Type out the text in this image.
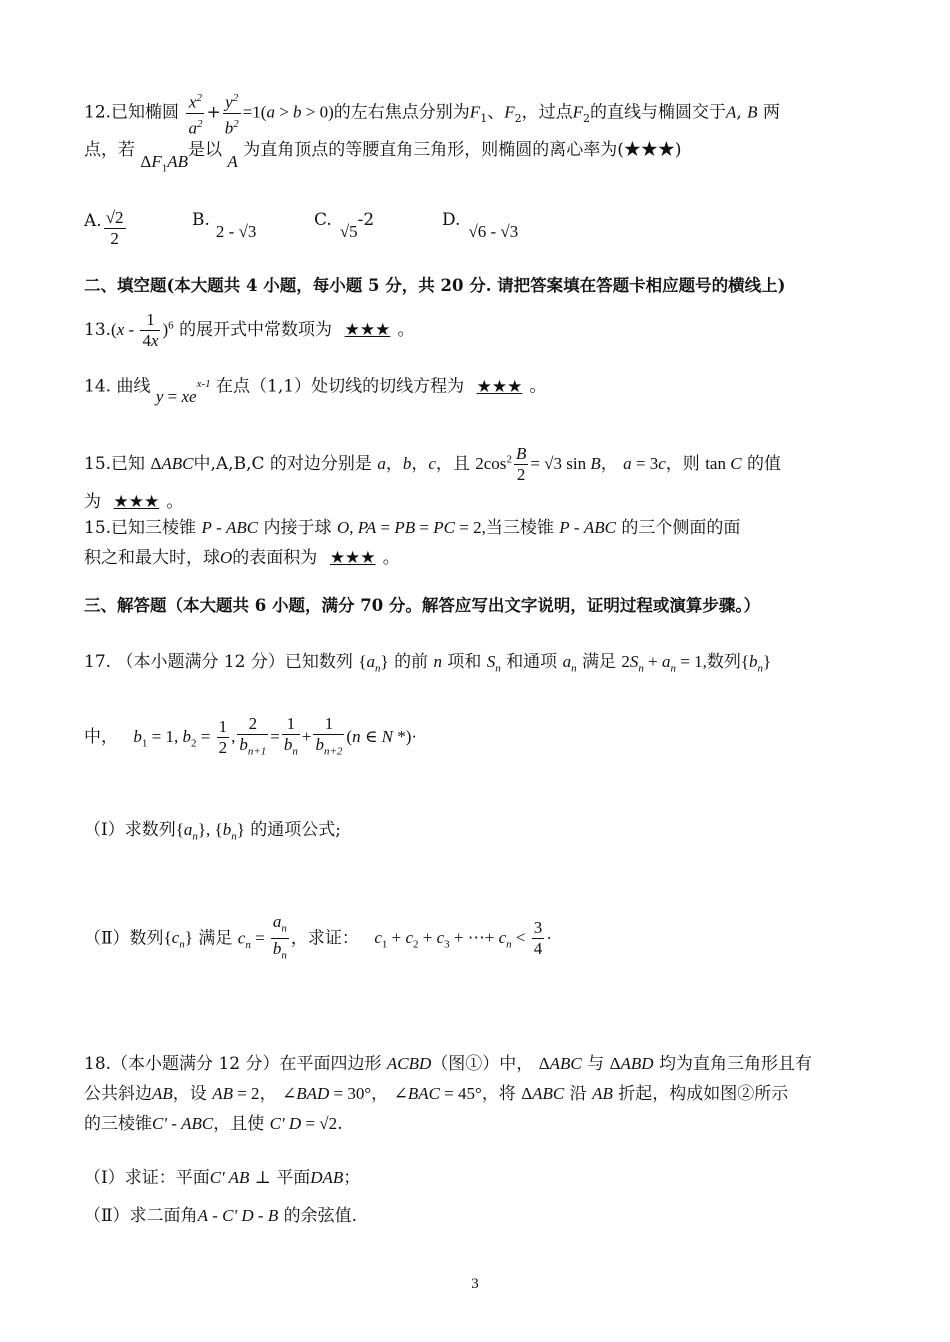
12.已知椭圆 $\frac{x^2}{a^2} + \frac{y^2}{b^2} =1(a > b > 0)$的左右焦点分别为$F_1$、$F_2$，过点$F_2$的直线与椭圆交于A, B 两
点，若 $\Delta F_1AB$是以 A 为直角顶点的等腰直角三角形，则椭圆的离心率为(★★★)
A. $\frac{√2}{2}$	B.2 - √3
C.√5-2	D.√6 - √3
二、填空题(本大题共 4 小题，每小题 5 分，共 20 分. 请把答案填在答题卡相应题号的横线上)
$13.(x - \frac{1}{4x} )^6$ 的展开式中常数项为 ★★★ 。
14. 曲线 $y = xe^{x-1}$ 在点（1,1）处切线的切线方程为 ★★★ 。
15.已知 ΔABC中,A,B,C 的对边分别是 a，b，c，且 $2\cos^2 \frac{B}{2} = √3$ sin B， a = 3c，则 tan C 的值
为 ★★★ 。
15.已知三棱锥 P - ABC 内接于球 O, PA = PB = PC = 2,当三棱锥 P - ABC 的三个侧面的面
积之和最大时，球O的表面积为 ★★★ 。
三、解答题（本大题共 6 小题，满分 70 分。解答应写出文字说明，证明过程或演算步骤。）
17. （本小题满分 12 分）已知数列 $\{a_n\}$ 的前 n 项和 $S_n$ 和通项 $a_n$ 满足 $2S_n + a_n = 1$,数列$\{b_n\}$
中， $b_1 = 1$, $b_2 = \frac{1}{2}$ , $\frac{2}{b_{n+1}} = \frac{1}{b_n} + \frac{1}{b_{n+2}} (n$ ∈ N *)·
（Ⅰ）求数列$\{a_n\}$, $\{b_n\}$ 的通项公式;
（Ⅱ）数列$\{c_n\}$ 满足 $c_n = \frac{a_n}{b_n}$ ，求证： $c_1 + c_2 + c_3$ + ⋯+ $c_n < \frac{3}{4}$ ·
18.（本小题满分 12 分）在平面四边形 ACBD（图①）中， ΔABC 与 ΔABD 均为直角三角形且有
公共斜边AB，设 AB = 2， ∠BAD = 30°， ∠BAC = 45°，将 ΔABC 沿 AB 折起，构成如图②所示
的三棱锥C' - ABC，且使 C' D = √2.
（Ⅰ）求证：平面C' AB ⊥ 平面DAB；
（Ⅱ）求二面角A - C' D - B 的余弦值.
3
